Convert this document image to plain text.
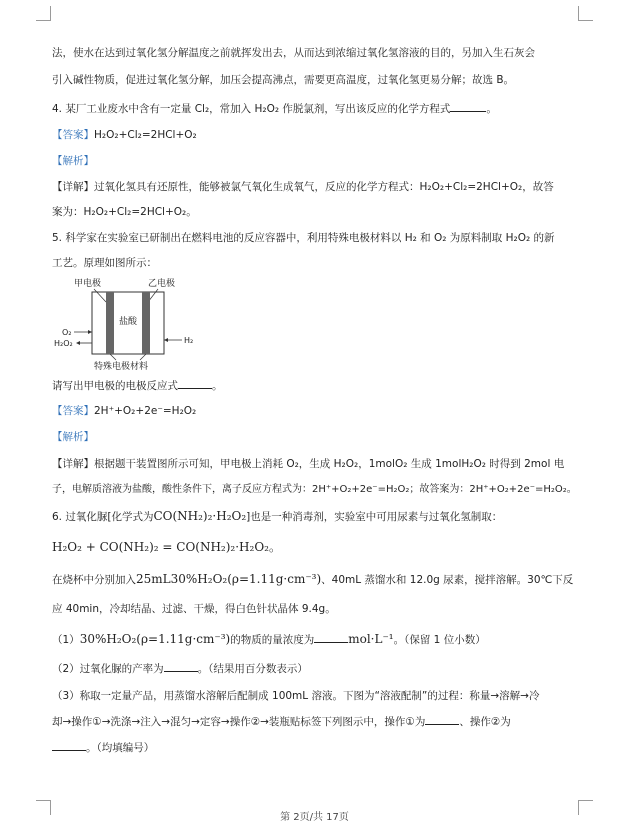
法，使水在达到过氧化氢分解温度之前就挥发出去，从而达到浓缩过氧化氢溶液的目的，另加入生石灰会
引入碱性物质，促进过氧化氢分解，加压会提高沸点，需要更高温度，过氧化氢更易分解；故选 B。
4. 某厂工业废水中含有一定量 Cl₂，常加入 H₂O₂ 作脱氯剂，写出该反应的化学方程式	。
【答案】H₂O₂+Cl₂=2HCl+O₂
【解析】
【详解】过氧化氢具有还原性，能够被氯气氧化生成氧气，反应的化学方程式：H₂O₂+Cl₂=2HCl+O₂，故答
案为：H₂O₂+Cl₂=2HCl+O₂。
5. 科学家在实验室已研制出在燃料电池的反应容器中，利用特殊电极材料以 H₂ 和 O₂ 为原料制取 H₂O₂ 的新
工艺。原理如图所示：
甲电极	乙电极
盐酸
O₂
H₂O₂	H₂
特殊电极材料
请写出甲电极的电极反应式	。
【答案】2H⁺+O₂+2e⁻=H₂O₂
【解析】
【详解】根据题干装置图所示可知，甲电极上消耗 O₂，生成 H₂O₂，1molO₂ 生成 1molH₂O₂ 时得到 2mol 电
子，电解质溶液为盐酸，酸性条件下，离子反应方程式为：2H⁺+O₂+2e⁻=H₂O₂；故答案为：2H⁺+O₂+2e⁻=H₂O₂。
6. 过氧化脲[化学式为CO(NH₂)₂·H₂O₂]也是一种消毒剂，实验室中可用尿素与过氧化氢制取：
H₂O₂ + CO(NH₂)₂ = CO(NH₂)₂·H₂O₂。
在烧杯中分别加入25mL30%H₂O₂(ρ=1.11g·cm⁻³)、40mL 蒸馏水和 12.0g 尿素，搅拌溶解。30℃下反
应 40min，冷却结晶、过滤、干燥，得白色针状晶体 9.4g。
（1）30%H₂O₂(ρ=1.11g·cm⁻³)的物质的量浓度为	mol·L⁻¹。（保留 1 位小数）
（2）过氧化脲的产率为	。（结果用百分数表示）
（3）称取一定量产品，用蒸馏水溶解后配制成 100mL 溶液。下图为“溶液配制”的过程：称量→溶解→冷
却→操作①→洗涤→注入→混匀→定容→操作②→装瓶贴标签下列图示中，操作①为	、操作②为
。（均填编号）
第 2页/共 17页
